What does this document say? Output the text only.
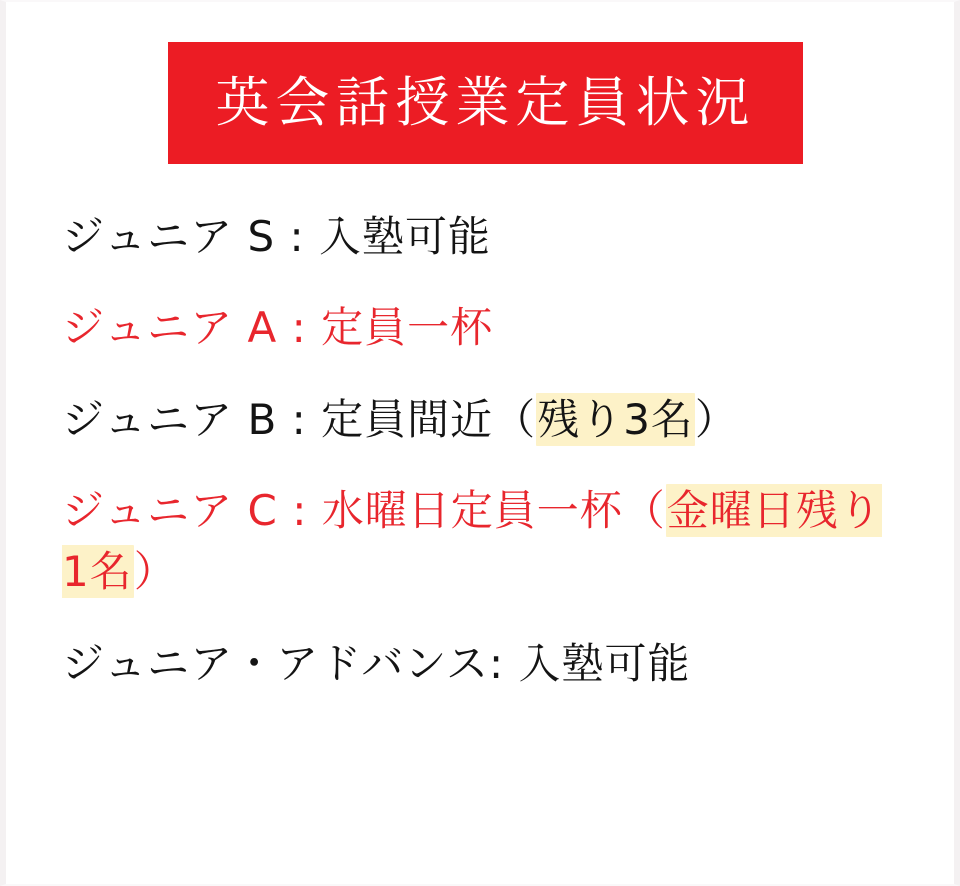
英会話授業定員状況
ジュニア S : 入塾可能
ジュニア A : 定員一杯
ジュニア B : 定員間近（残り3名）
ジュニア C : 水曜日定員一杯（金曜日残り1名）
ジュニア・アドバンス: 入塾可能
